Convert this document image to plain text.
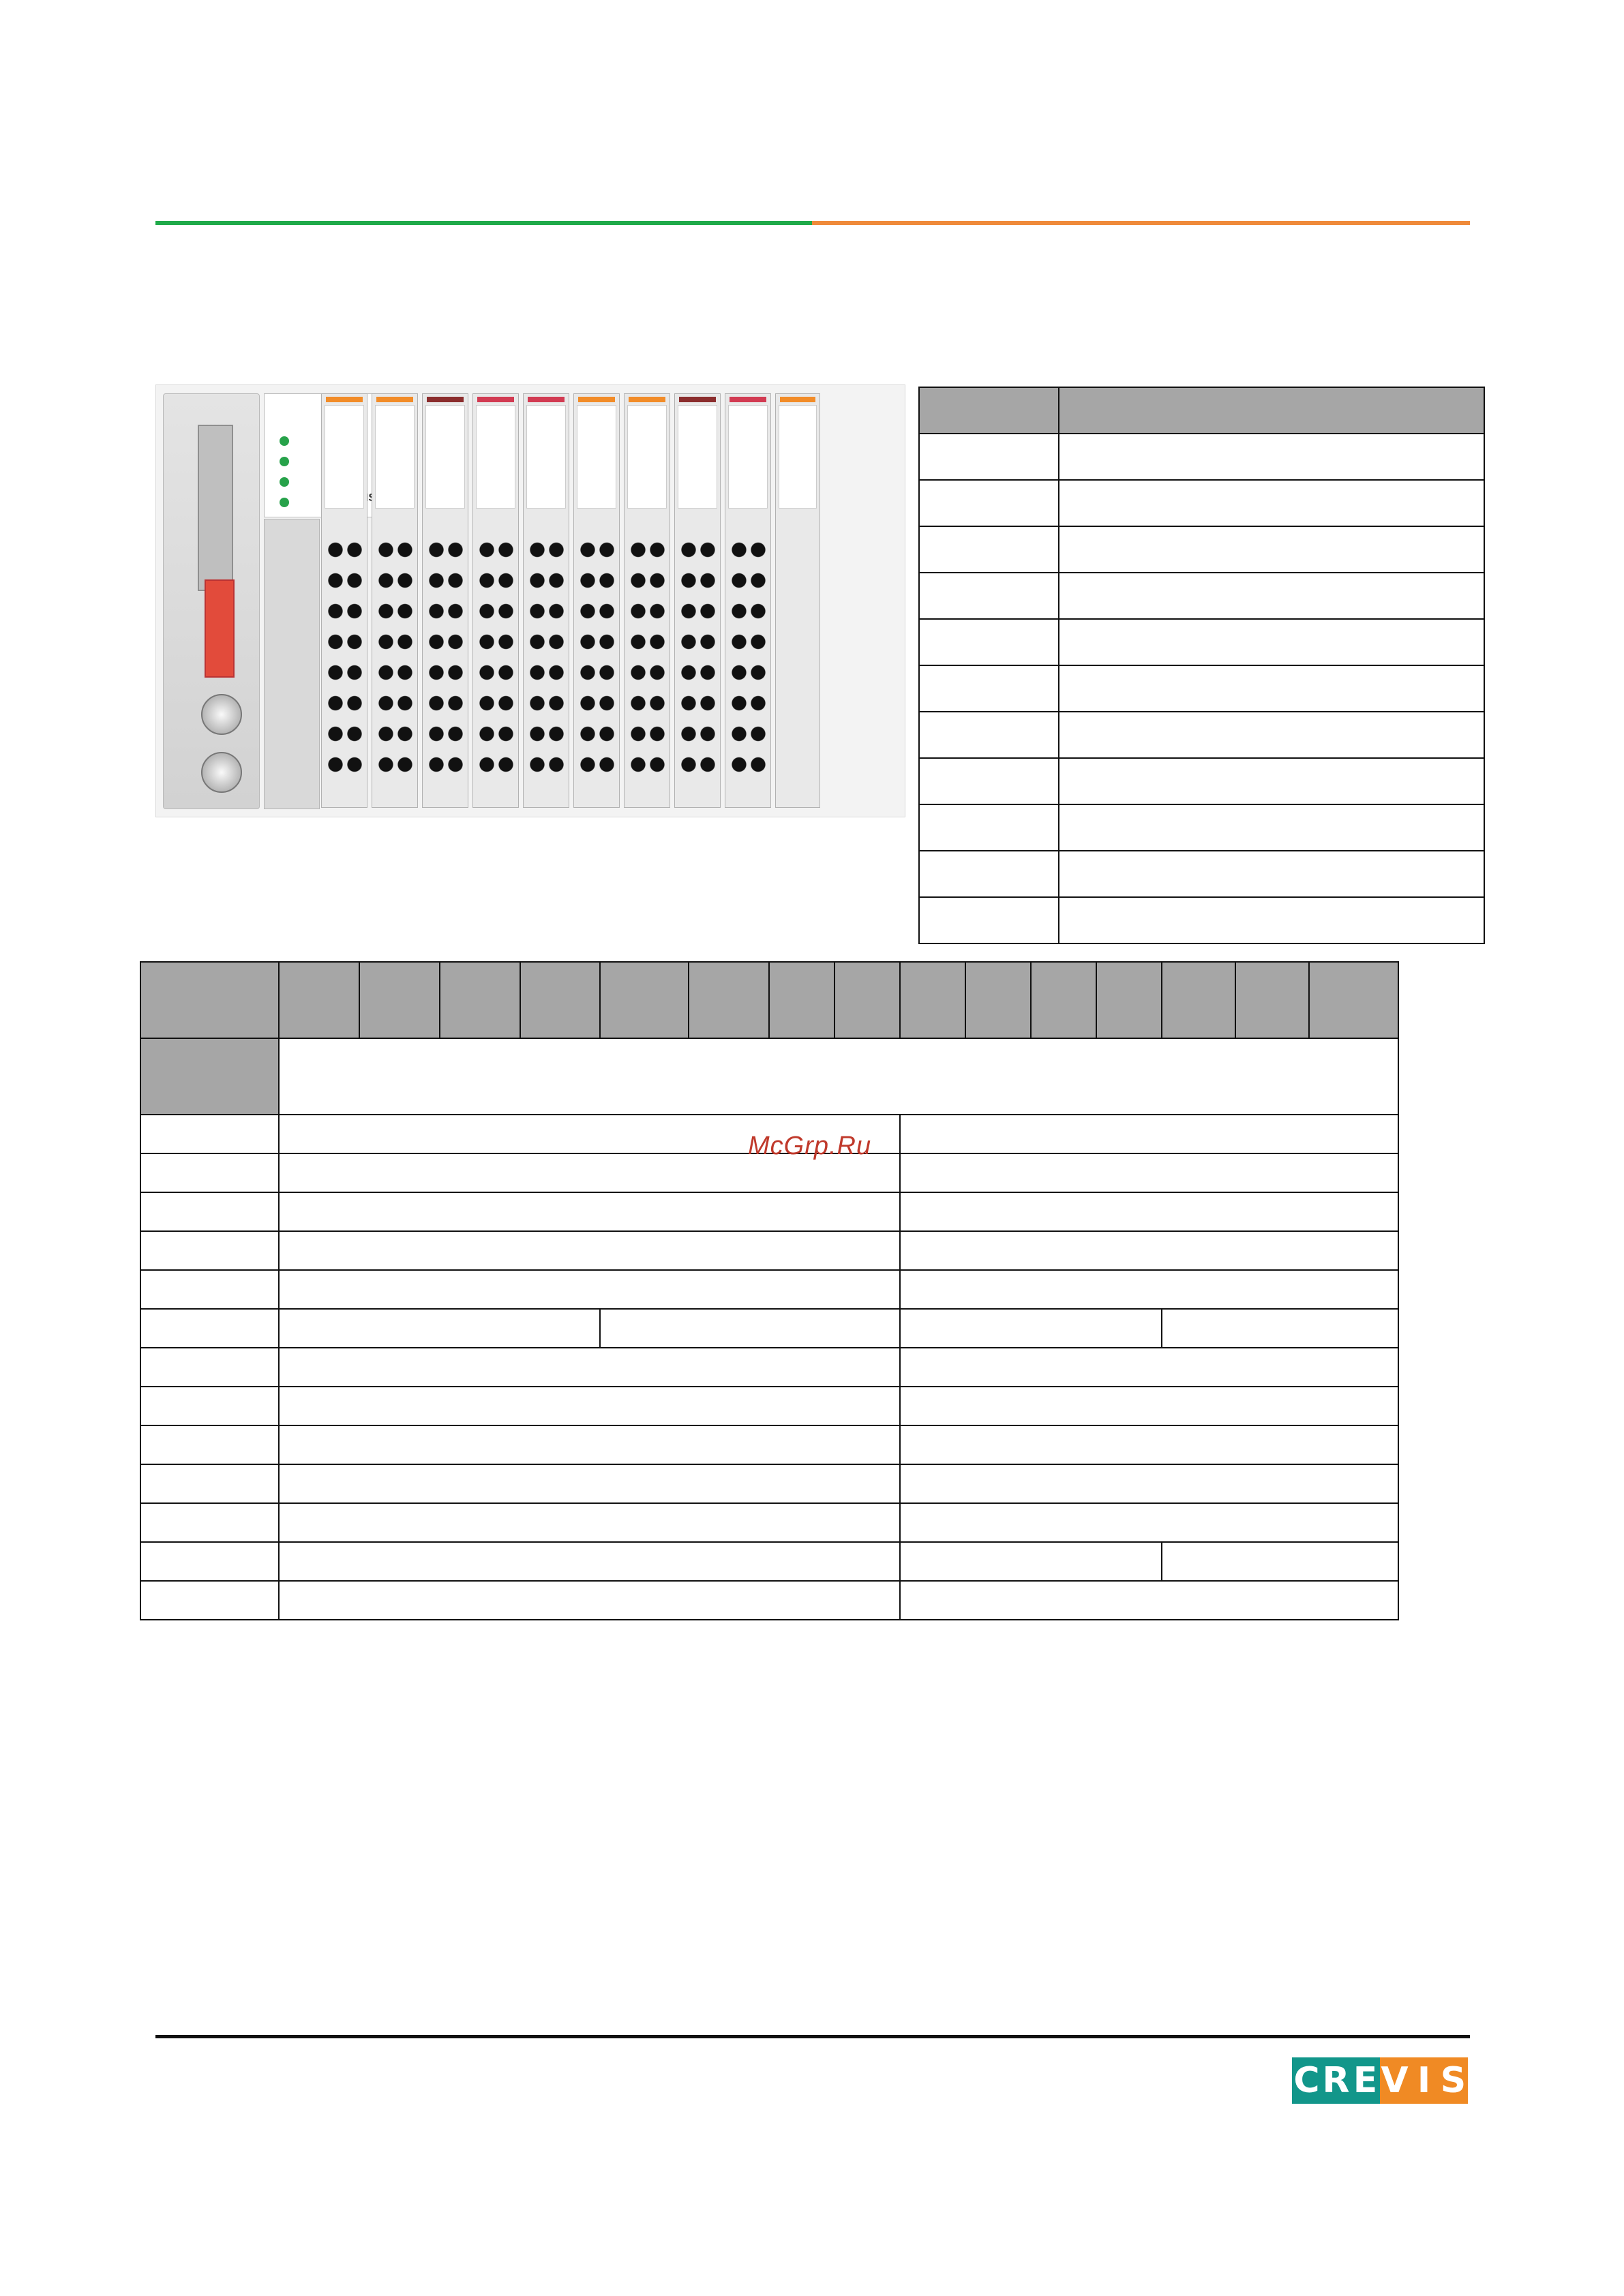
McGrp.Ru
C R E V I S
